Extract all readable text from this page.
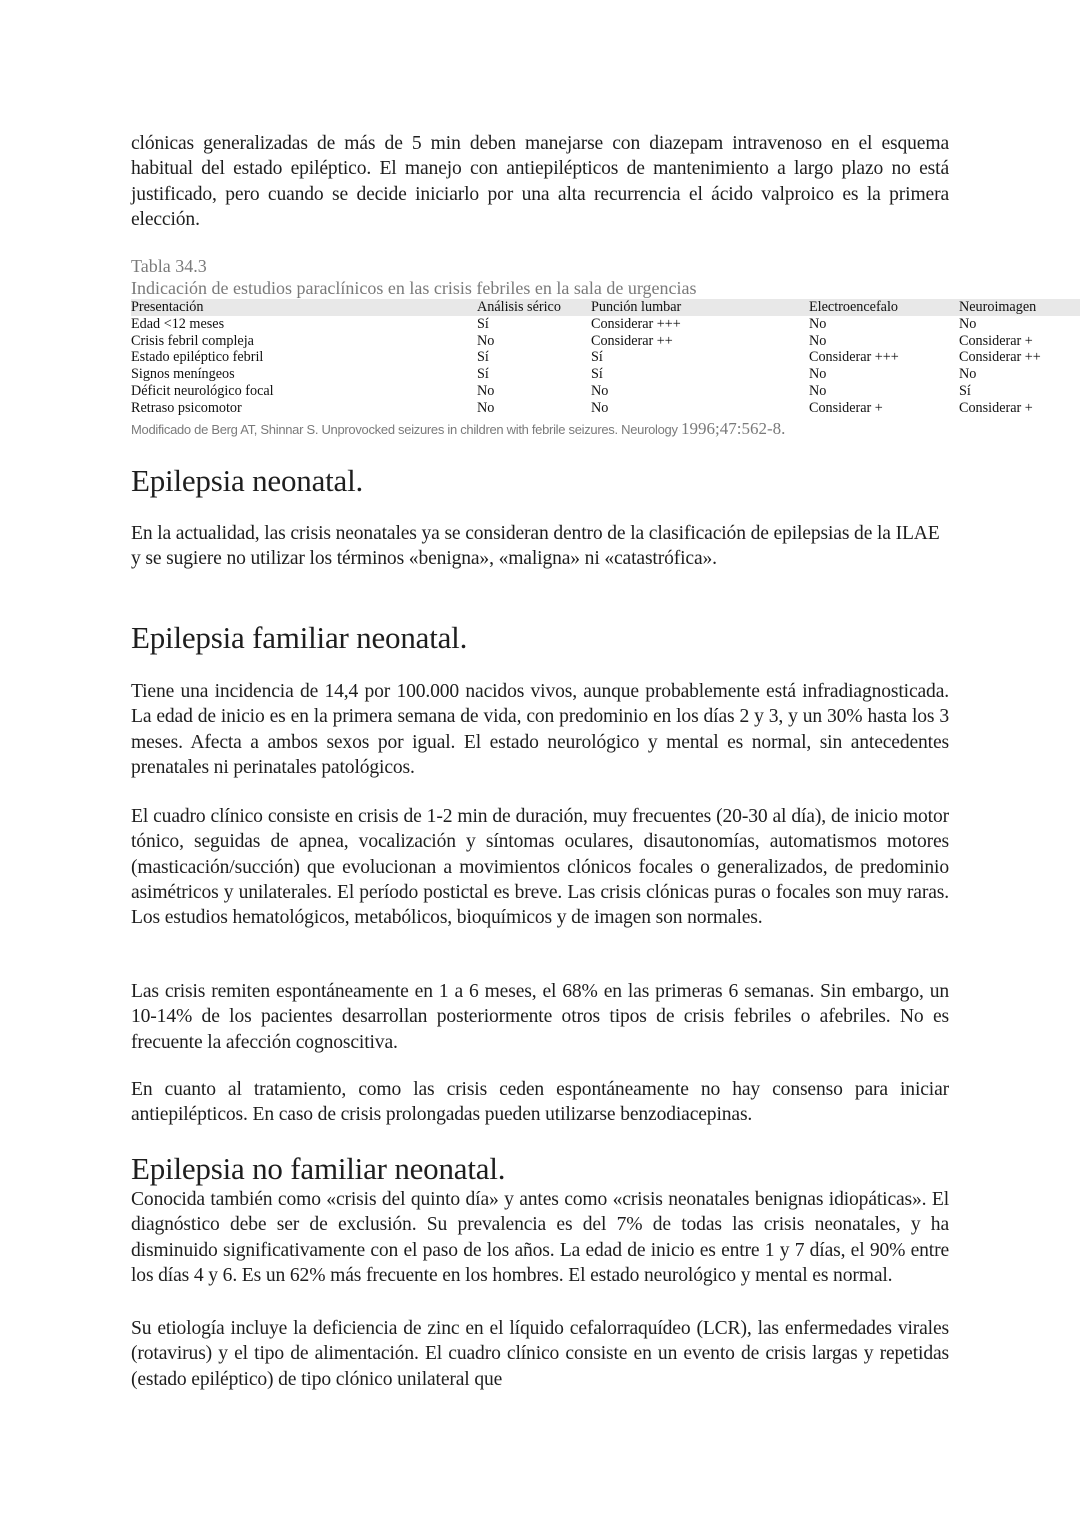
clónicas generalizadas de más de 5 min deben manejarse con diazepam intravenoso en el esquema habitual del estado epiléptico. El manejo con antiepilépticos de mantenimiento a largo plazo no está justificado, pero cuando se decide iniciarlo por una alta recurrencia el ácido valproico es la primera elección.

Tabla 34.3

Indicación de estudios paraclínicos en las crisis febriles en la sala de urgencias

Presentación	Análisis sérico	Punción lumbar	Electroencefalo	Neuroimagen
Edad <12 meses	Sí	Considerar +++	No	No
Crisis febril compleja	No	Considerar ++	No	Considerar +
Estado epiléptico febril	Sí	Sí	Considerar +++	Considerar ++
Signos meníngeos	Sí	Sí	No	No
Déficit neurológico focal	No	No	No	Sí
Retraso psicomotor	No	No	Considerar +	Considerar +
Modificado de Berg AT, Shinnar S. Unprovocked seizures in children with febrile seizures. Neurology 1996;47:562-8.
Epilepsia neonatal.

En la actualidad, las crisis neonatales ya se consideran dentro de la clasificación de epilepsias de la ILAE y se sugiere no utilizar los términos «benigna», «maligna» ni «catastrófica».

Epilepsia familiar neonatal.

Tiene una incidencia de 14,4 por 100.000 nacidos vivos, aunque probablemente está infradiagnosticada. La edad de inicio es en la primera semana de vida, con predominio en los días 2 y 3, y un 30% hasta los 3 meses. Afecta a ambos sexos por igual. El estado neurológico y mental es normal, sin antecedentes prenatales ni perinatales patológicos.

El cuadro clínico consiste en crisis de 1-2 min de duración, muy frecuentes (20-30 al día), de inicio motor tónico, seguidas de apnea, vocalización y síntomas oculares, disautonomías, automatismos motores (masticación/succión) que evolucionan a movimientos clónicos focales o generalizados, de predominio asimétricos y unilaterales. El período postictal es breve. Las crisis clónicas puras o focales son muy raras. Los estudios hematológicos, metabólicos, bioquímicos y de imagen son normales.

Las crisis remiten espontáneamente en 1 a 6 meses, el 68% en las primeras 6 semanas. Sin embargo, un 10-14% de los pacientes desarrollan posteriormente otros tipos de crisis febriles o afebriles. No es frecuente la afección cognoscitiva.

En cuanto al tratamiento, como las crisis ceden espontáneamente no hay consenso para iniciar antiepilépticos. En caso de crisis prolongadas pueden utilizarse benzodiacepinas.

Epilepsia no familiar neonatal.

Conocida también como «crisis del quinto día» y antes como «crisis neonatales benignas idiopáticas». El diagnóstico debe ser de exclusión. Su prevalencia es del 7% de todas las crisis neonatales, y ha disminuido significativamente con el paso de los años. La edad de inicio es entre 1 y 7 días, el 90% entre los días 4 y 6. Es un 62% más frecuente en los hombres. El estado neurológico y mental es normal.

Su etiología incluye la deficiencia de zinc en el líquido cefalorraquídeo (LCR), las enfermedades virales (rotavirus) y el tipo de alimentación. El cuadro clínico consiste en un evento de crisis largas y repetidas (estado epiléptico) de tipo clónico unilateral que
